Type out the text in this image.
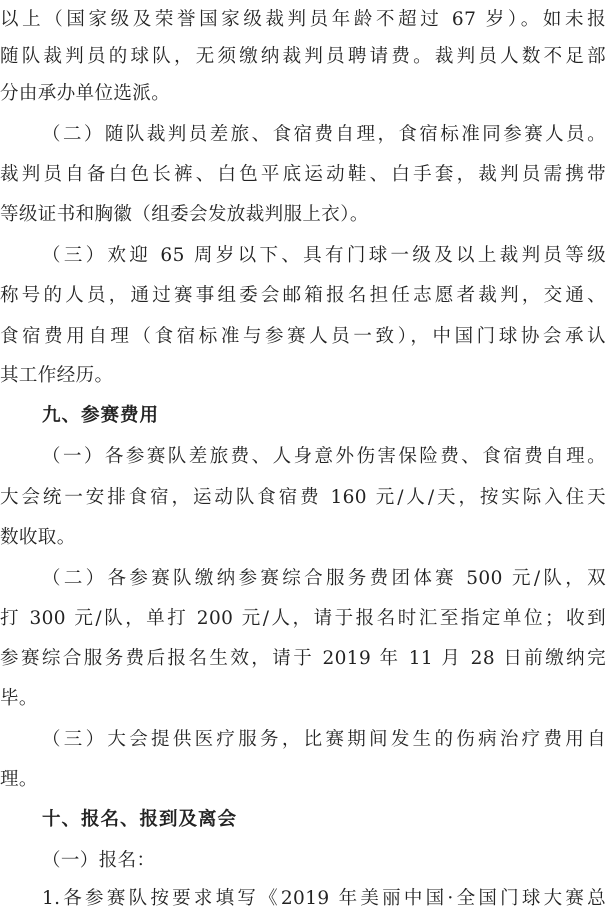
以上（国家级及荣誉国家级裁判员年龄不超过 67 岁）。如未报
随队裁判员的球队，无须缴纳裁判员聘请费。裁判员人数不足部
分由承办单位选派。
（二）随队裁判员差旅、食宿费自理，食宿标准同参赛人员。
裁判员自备白色长裤、白色平底运动鞋、白手套，裁判员需携带
等级证书和胸徽（组委会发放裁判服上衣）。
（三）欢迎 65 周岁以下、具有门球一级及以上裁判员等级
称号的人员，通过赛事组委会邮箱报名担任志愿者裁判，交通、
食宿费用自理（食宿标准与参赛人员一致），中国门球协会承认
其工作经历。
九、参赛费用
（一）各参赛队差旅费、人身意外伤害保险费、食宿费自理。
大会统一安排食宿，运动队食宿费 160 元/人/天，按实际入住天
数收取。
（二）各参赛队缴纳参赛综合服务费团体赛 500 元/队，双
打 300 元/队，单打 200 元/人，请于报名时汇至指定单位；收到
参赛综合服务费后报名生效，请于 2019 年 11 月 28 日前缴纳完
毕。
（三）大会提供医疗服务，比赛期间发生的伤病治疗费用自
理。
十、报名、报到及离会
（一）报名：
1.各参赛队按要求填写《2019 年美丽中国·全国门球大赛总
